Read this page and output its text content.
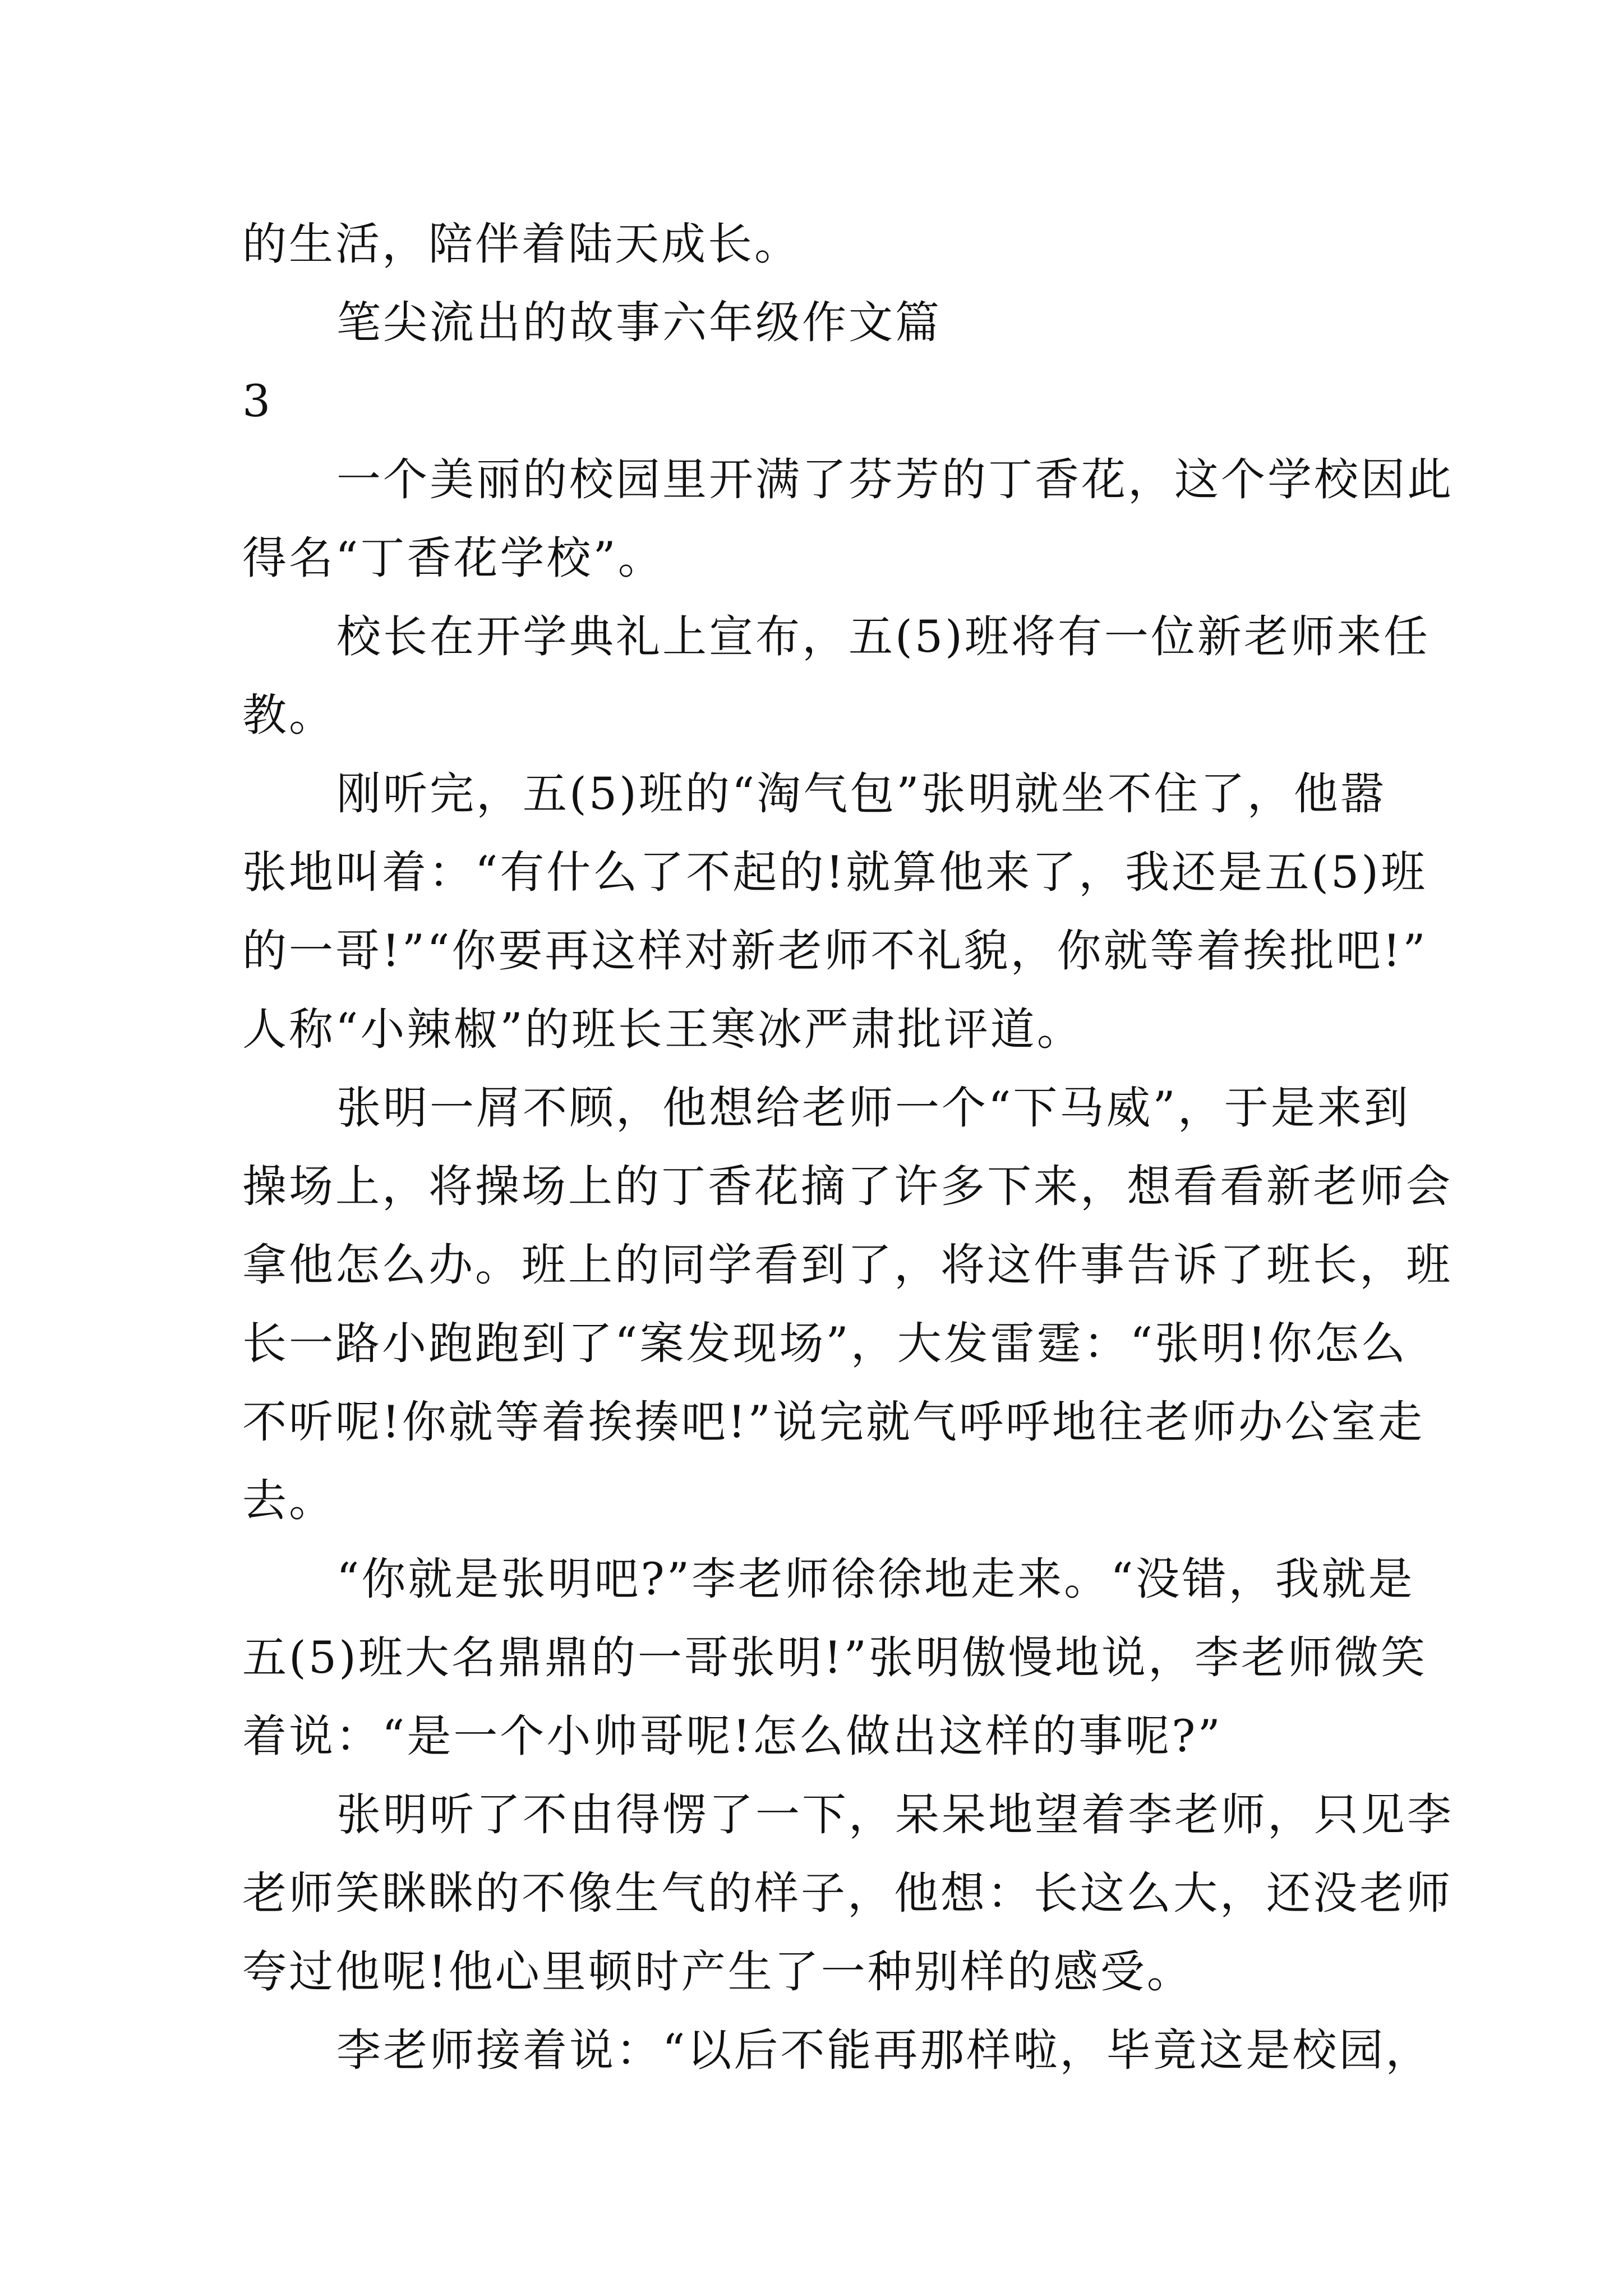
的生活，陪伴着陆天成长。
笔尖流出的故事六年级作文篇
3
一个美丽的校园里开满了芬芳的丁香花，这个学校因此
得名“丁香花学校”。
校长在开学典礼上宣布，五(5)班将有一位新老师来任
教。
刚听完，五(5)班的“淘气包”张明就坐不住了，他嚣
张地叫着：“有什么了不起的!就算他来了，我还是五(5)班
的一哥!”“你要再这样对新老师不礼貌，你就等着挨批吧!”
人称“小辣椒”的班长王寒冰严肃批评道。
张明一屑不顾，他想给老师一个“下马威”，于是来到
操场上，将操场上的丁香花摘了许多下来，想看看新老师会
拿他怎么办。班上的同学看到了，将这件事告诉了班长，班
长一路小跑跑到了“案发现场”，大发雷霆：“张明!你怎么
不听呢!你就等着挨揍吧!”说完就气呼呼地往老师办公室走
去。
“你就是张明吧?”李老师徐徐地走来。“没错，我就是
五(5)班大名鼎鼎的一哥张明!”张明傲慢地说，李老师微笑
着说：“是一个小帅哥呢!怎么做出这样的事呢?”
张明听了不由得愣了一下，呆呆地望着李老师，只见李
老师笑眯眯的不像生气的样子，他想：长这么大，还没老师
夸过他呢!他心里顿时产生了一种别样的感受。
李老师接着说：“以后不能再那样啦，毕竟这是校园，
